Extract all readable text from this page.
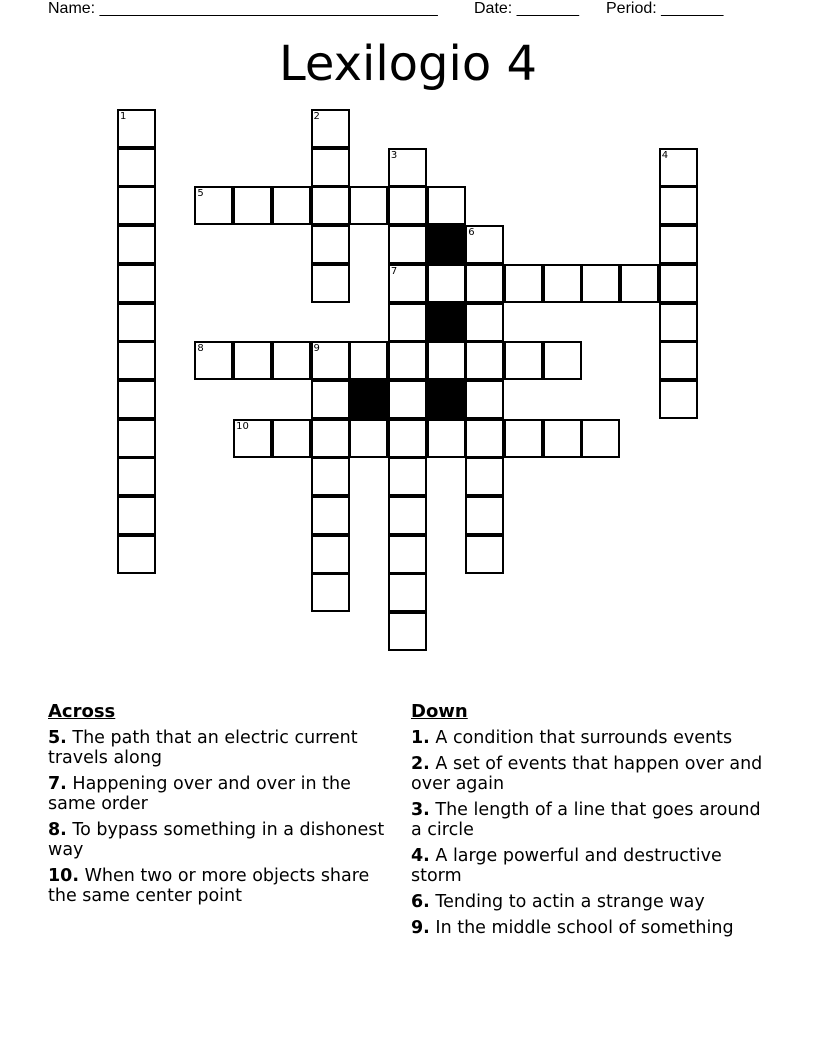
Name: ______________________________________ Date: _______ Period: _______
Lexilogio 4
1	2
3	4
5
6
7
8	9
10
Across
5. The path that an electric current travels along
7. Happening over and over in the same order
8. To bypass something in a dishonest way
10. When two or more objects share the same center point
Down
1. A condition that surrounds events
2. A set of events that happen over and over again
3. The length of a line that goes around a circle
4. A large powerful and destructive storm
6. Tending to actin a strange way
9. In the middle school of something
